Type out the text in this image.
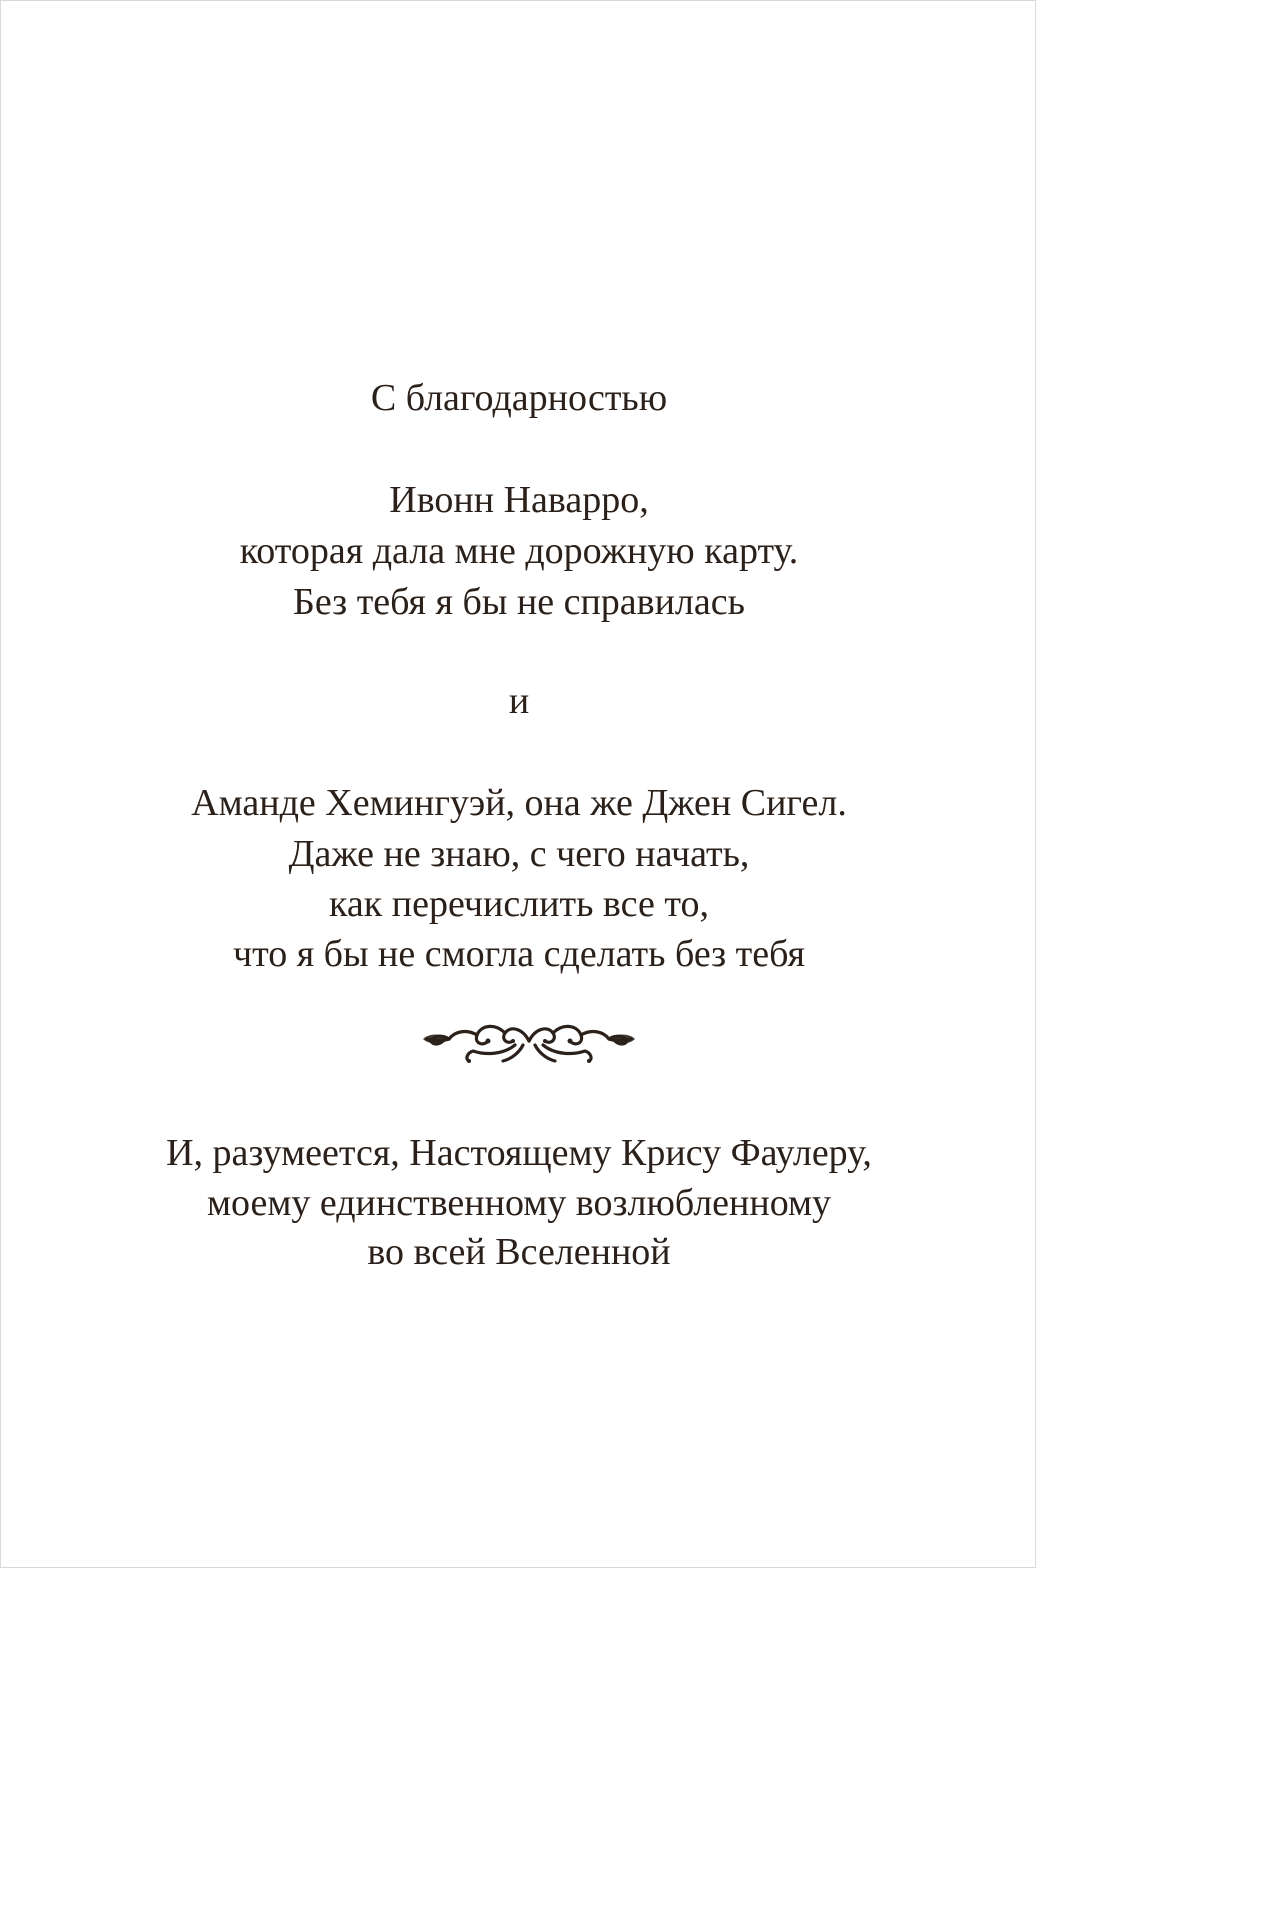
С благодарностью
Ивонн Наварро,
которая дала мне дорожную карту.
Без тебя я бы не справилась
и
Аманде Хемингуэй, она же Джен Сигел.
Даже не знаю, с чего начать,
как перечислить все то,
что я бы не смогла сделать без тебя
И, разумеется, Настоящему Крису Фаулеру,
моему единственному возлюбленному
во всей Вселенной
